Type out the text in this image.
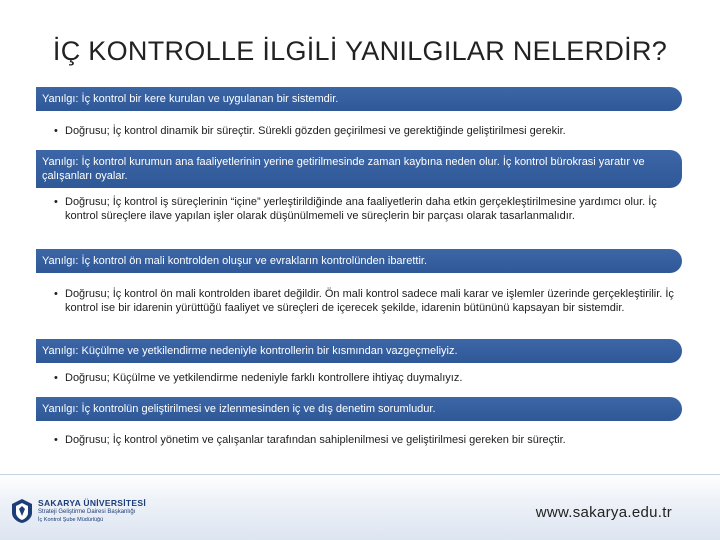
İÇ KONTROLLE İLGİLİ YANILGILAR NELERDİR?
Yanılgı: İç kontrol bir kere kurulan ve uygulanan bir sistemdir.
• Doğrusu; İç kontrol dinamik bir süreçtir. Sürekli gözden geçirilmesi ve gerektiğinde geliştirilmesi gerekir.
Yanılgı: İç kontrol kurumun ana faaliyetlerinin yerine getirilmesinde zaman kaybına neden olur. İç kontrol bürokrasi yaratır ve çalışanları oyalar.
• Doğrusu; İç kontrol iş süreçlerinin “içine” yerleştirildiğinde ana faaliyetlerin daha etkin gerçekleştirilmesine yardımcı olur. İç kontrol süreçlere ilave yapılan işler olarak düşünülmemeli ve süreçlerin bir parçası olarak tasarlanmalıdır.
Yanılgı: İç kontrol ön mali kontrolden oluşur ve evrakların kontrolünden ibarettir.
• Doğrusu; İç kontrol ön mali kontrolden ibaret değildir. Ön mali kontrol sadece mali karar ve işlemler üzerinde gerçekleştirilir. İç kontrol ise bir idarenin yürüttüğü faaliyet ve süreçleri de içerecek şekilde, idarenin bütününü kapsayan bir sistemdir.
Yanılgı: Küçülme ve yetkilendirme nedeniyle kontrollerin bir kısmından vazgeçmeliyiz.
• Doğrusu; Küçülme ve yetkilendirme nedeniyle farklı kontrollere ihtiyaç duymalıyız.
Yanılgı: İç kontrolün geliştirilmesi ve izlenmesinden iç ve dış denetim sorumludur.
• Doğrusu; İç kontrol yönetim ve çalışanlar tarafından sahiplenilmesi ve geliştirilmesi gereken bir süreçtir.
SAKARYA ÜNİVERSİTESİ
Strateji Geliştirme Dairesi Başkanlığı
İç Kontrol Şube Müdürlüğü	www.sakarya.edu.tr
